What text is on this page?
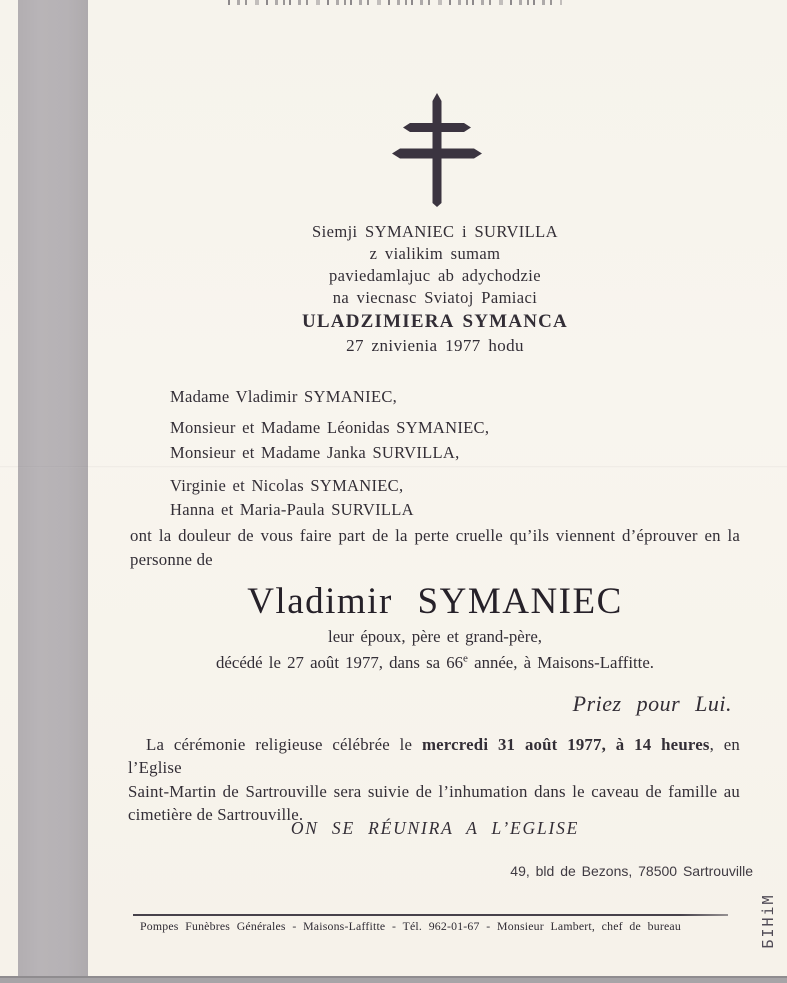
Siemji SYMANIEC i SURVILLA
z vialikim sumam
paviedamlajuc ab adychodzie
na viecnasc Sviatoj Pamiaci
ULADZIMIERA SYMANCA
27 znivienia 1977 hodu
Madame Vladimir SYMANIEC,
Monsieur et Madame Léonidas SYMANIEC,
Monsieur et Madame Janka SURVILLA,
Virginie et Nicolas SYMANIEC,
Hanna et Maria-Paula SURVILLA
ont la douleur de vous faire part de la perte cruelle qu’ils viennent d’éprouver en la
personne de
Vladimir SYMANIEC
leur époux, père et grand-père,
décédé le 27 août 1977, dans sa 66e année, à Maisons-Laffitte.
Priez pour Lui.
La cérémonie religieuse célébrée le mercredi 31 août 1977, à 14 heures, en l’Eglise
Saint-Martin de Sartrouville sera suivie de l’inhumation dans le caveau de famille au
cimetière de Sartrouville.
ON SE RÉUNIRA A L’EGLISE
49, bld de Bezons, 78500 Sartrouville
Pompes Funèbres Générales - Maisons-Laffitte - Tél. 962-01-67 - Monsieur Lambert, chef de bureau	БІНіМ
